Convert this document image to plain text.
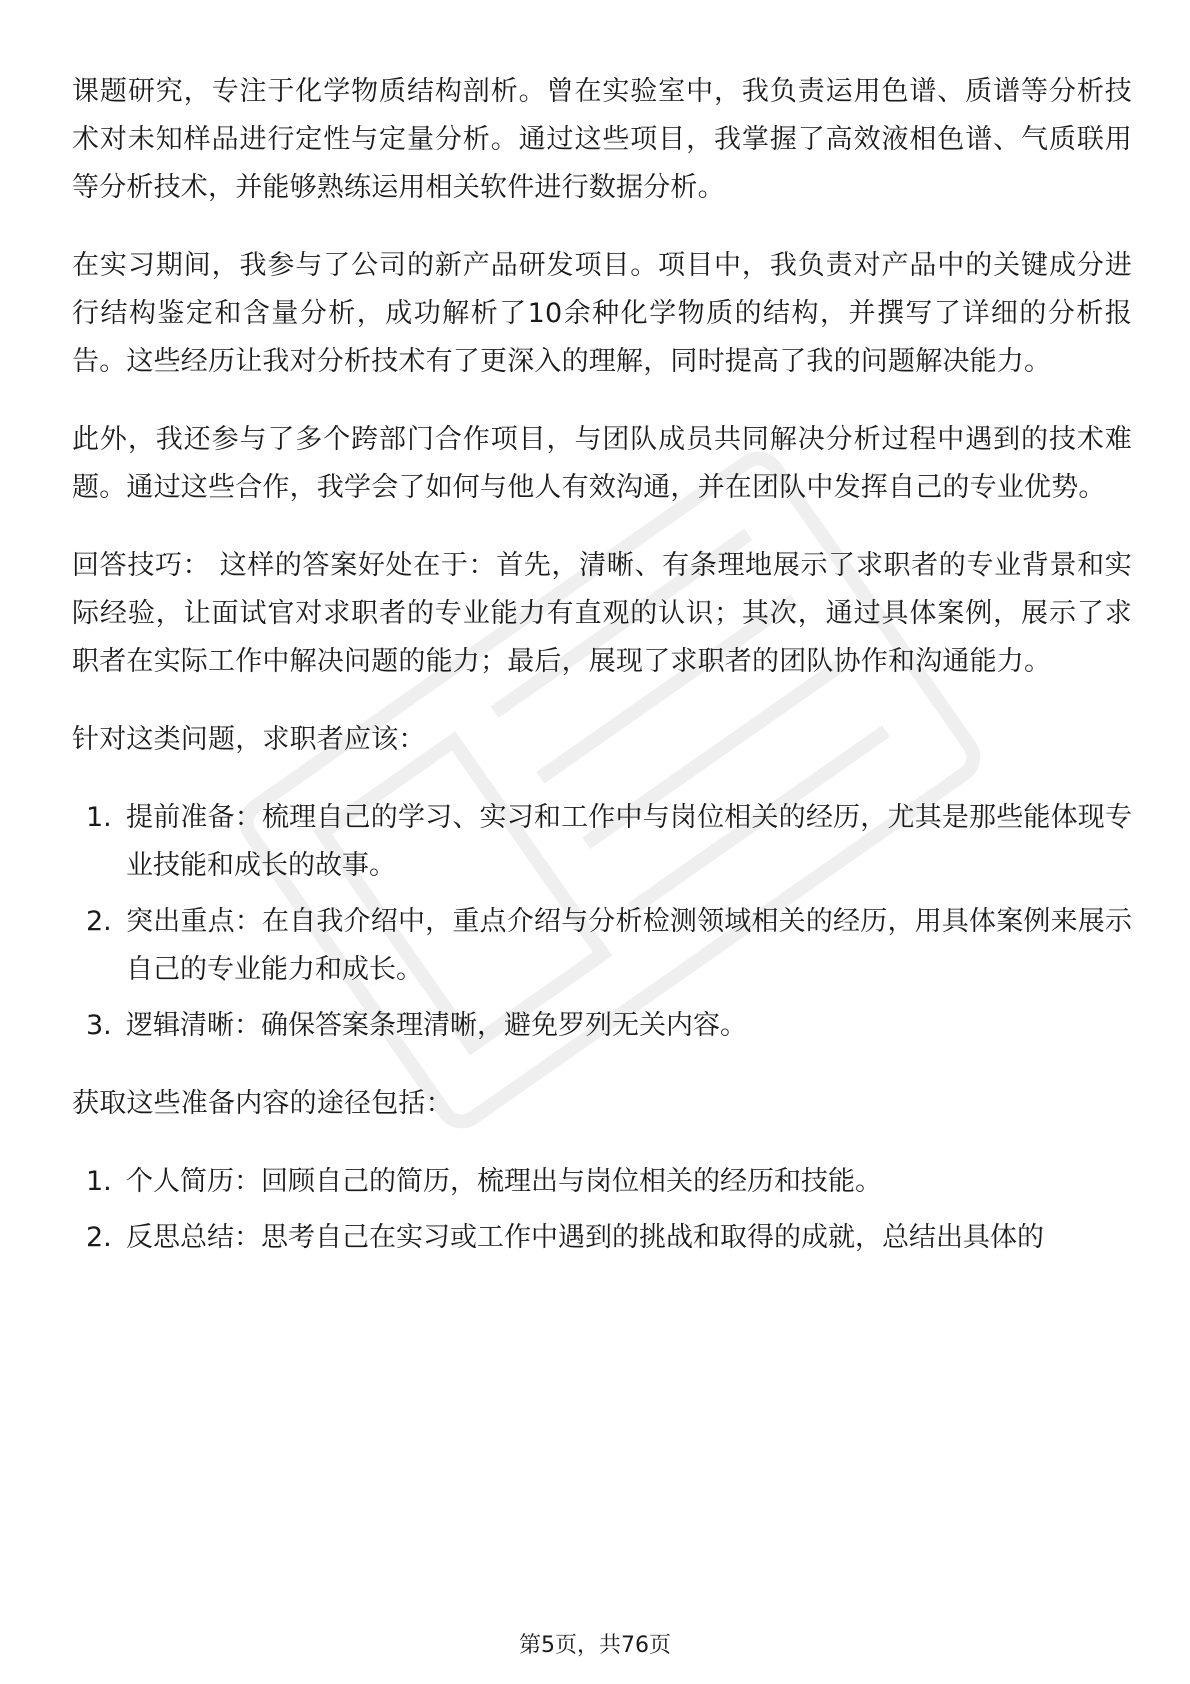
课题研究，专注于化学物质结构剖析。曾在实验室中，我负责运用色谱、质谱等分析技术对未知样品进行定性与定量分析。通过这些项目，我掌握了高效液相色谱、气质联用等分析技术，并能够熟练运用相关软件进行数据分析。

在实习期间，我参与了公司的新产品研发项目。项目中，我负责对产品中的关键成分进行结构鉴定和含量分析，成功解析了10余种化学物质的结构，并撰写了详细的分析报告。这些经历让我对分析技术有了更深入的理解，同时提高了我的问题解决能力。

此外，我还参与了多个跨部门合作项目，与团队成员共同解决分析过程中遇到的技术难题。通过这些合作，我学会了如何与他人有效沟通，并在团队中发挥自己的专业优势。

回答技巧： 这样的答案好处在于：首先，清晰、有条理地展示了求职者的专业背景和实际经验，让面试官对求职者的专业能力有直观的认识；其次，通过具体案例，展示了求职者在实际工作中解决问题的能力；最后，展现了求职者的团队协作和沟通能力。

针对这类问题，求职者应该：

1. 提前准备：梳理自己的学习、实习和工作中与岗位相关的经历，尤其是那些能体现专业技能和成长的故事。
2. 突出重点：在自我介绍中，重点介绍与分析检测领域相关的经历，用具体案例来展示自己的专业能力和成长。
3. 逻辑清晰：确保答案条理清晰，避免罗列无关内容。

获取这些准备内容的途径包括：

1. 个人简历：回顾自己的简历，梳理出与岗位相关的经历和技能。
2. 反思总结：思考自己在实习或工作中遇到的挑战和取得的成就，总结出具体的
第5页，共76页
